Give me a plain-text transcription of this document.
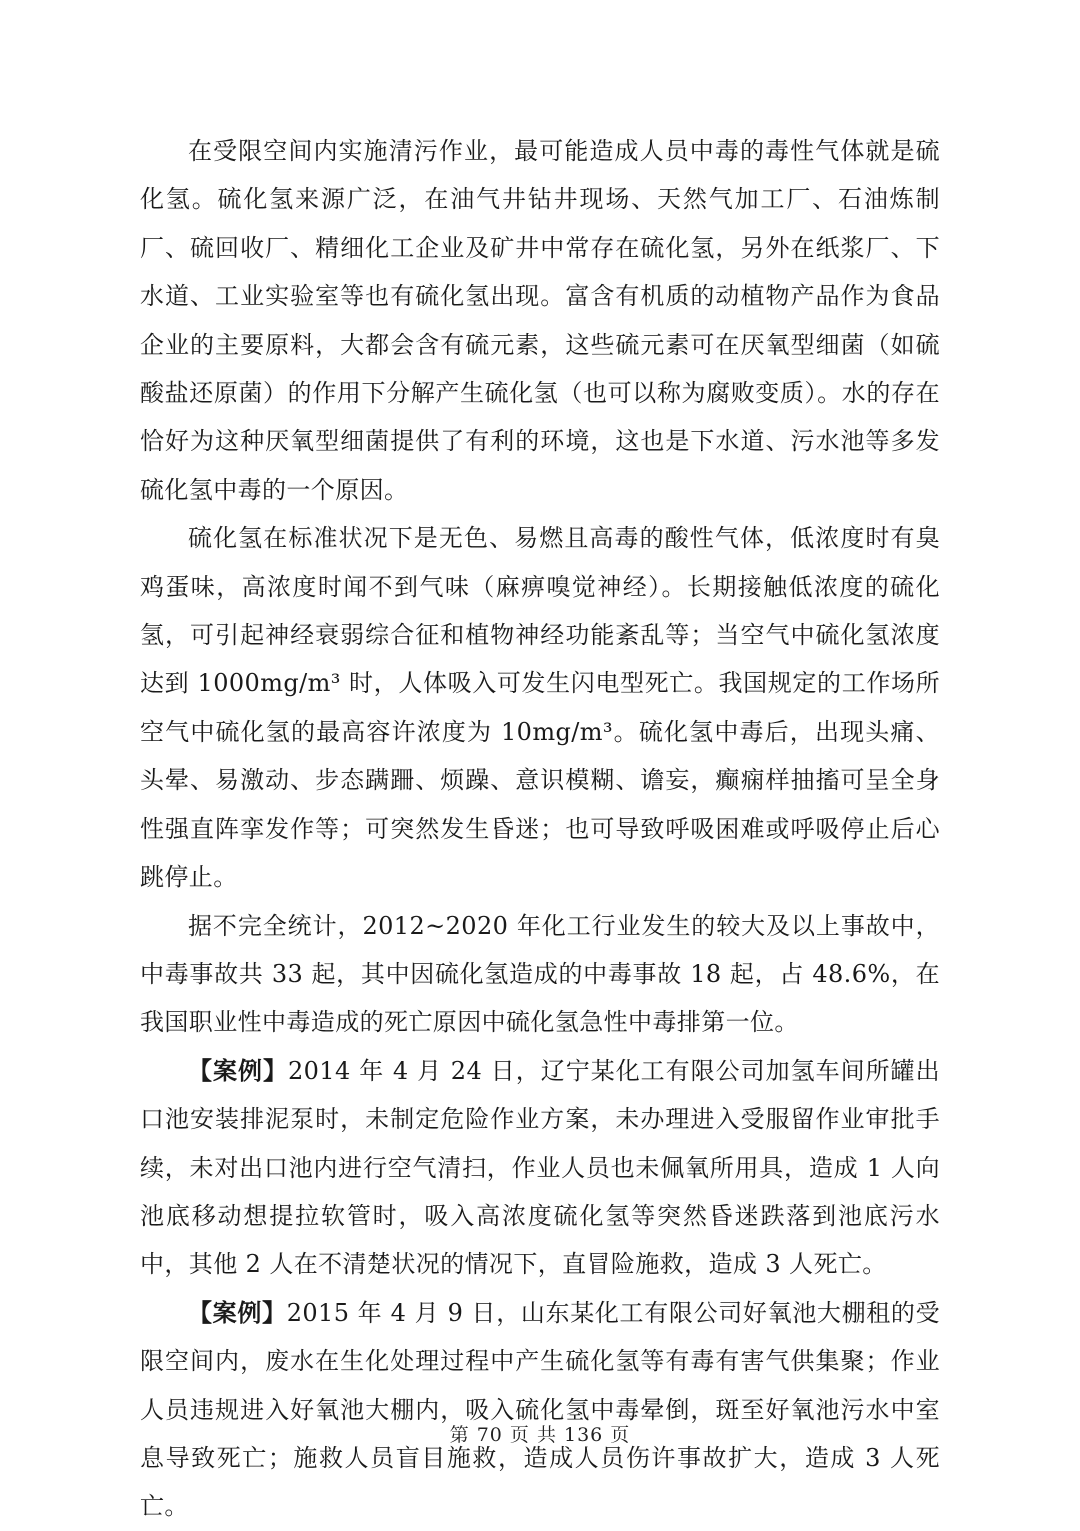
在受限空间内实施清污作业，最可能造成人员中毒的毒性气体就是硫化氢。硫化氢来源广泛，在油气井钻井现场、天然气加工厂、石油炼制厂、硫回收厂、精细化工企业及矿井中常存在硫化氢，另外在纸浆厂、下水道、工业实验室等也有硫化氢出现。富含有机质的动植物产品作为食品企业的主要原料，大都会含有硫元素，这些硫元素可在厌氧型细菌（如硫酸盐还原菌）的作用下分解产生硫化氢（也可以称为腐败变质）。水的存在恰好为这种厌氧型细菌提供了有利的环境，这也是下水道、污水池等多发硫化氢中毒的一个原因。

硫化氢在标准状况下是无色、易燃且高毒的酸性气体，低浓度时有臭鸡蛋味，高浓度时闻不到气味（麻痹嗅觉神经）。长期接触低浓度的硫化氢，可引起神经衰弱综合征和植物神经功能紊乱等；当空气中硫化氢浓度达到 1000mg/m³ 时，人体吸入可发生闪电型死亡。我国规定的工作场所空气中硫化氢的最高容许浓度为 10mg/m³。硫化氢中毒后，出现头痛、头晕、易激动、步态蹒跚、烦躁、意识模糊、谵妄，癫痫样抽搐可呈全身性强直阵挛发作等；可突然发生昏迷；也可导致呼吸困难或呼吸停止后心跳停止。

据不完全统计，2012~2020 年化工行业发生的较大及以上事故中，中毒事故共 33 起，其中因硫化氢造成的中毒事故 18 起，占 48.6%，在我国职业性中毒造成的死亡原因中硫化氢急性中毒排第一位。

【案例】2014 年 4 月 24 日，辽宁某化工有限公司加氢车间所罐出口池安装排泥泵时，未制定危险作业方案，未办理进入受服留作业审批手续，未对出口池内进行空气清扫，作业人员也未佩氧所用具，造成 1 人向池底移动想提拉软管时，吸入高浓度硫化氢等突然昏迷跌落到池底污水中，其他 2 人在不清楚状况的情况下，直冒险施救，造成 3 人死亡。

【案例】2015 年 4 月 9 日，山东某化工有限公司好氧池大棚租的受限空间内，废水在生化处理过程中产生硫化氢等有毒有害气供集聚；作业人员违规进入好氧池大棚内，吸入硫化氢中毒晕倒，斑至好氧池污水中室息导致死亡；施救人员盲目施救，造成人员伤许事故扩大，造成 3 人死亡。

第 70 页 共 136 页
